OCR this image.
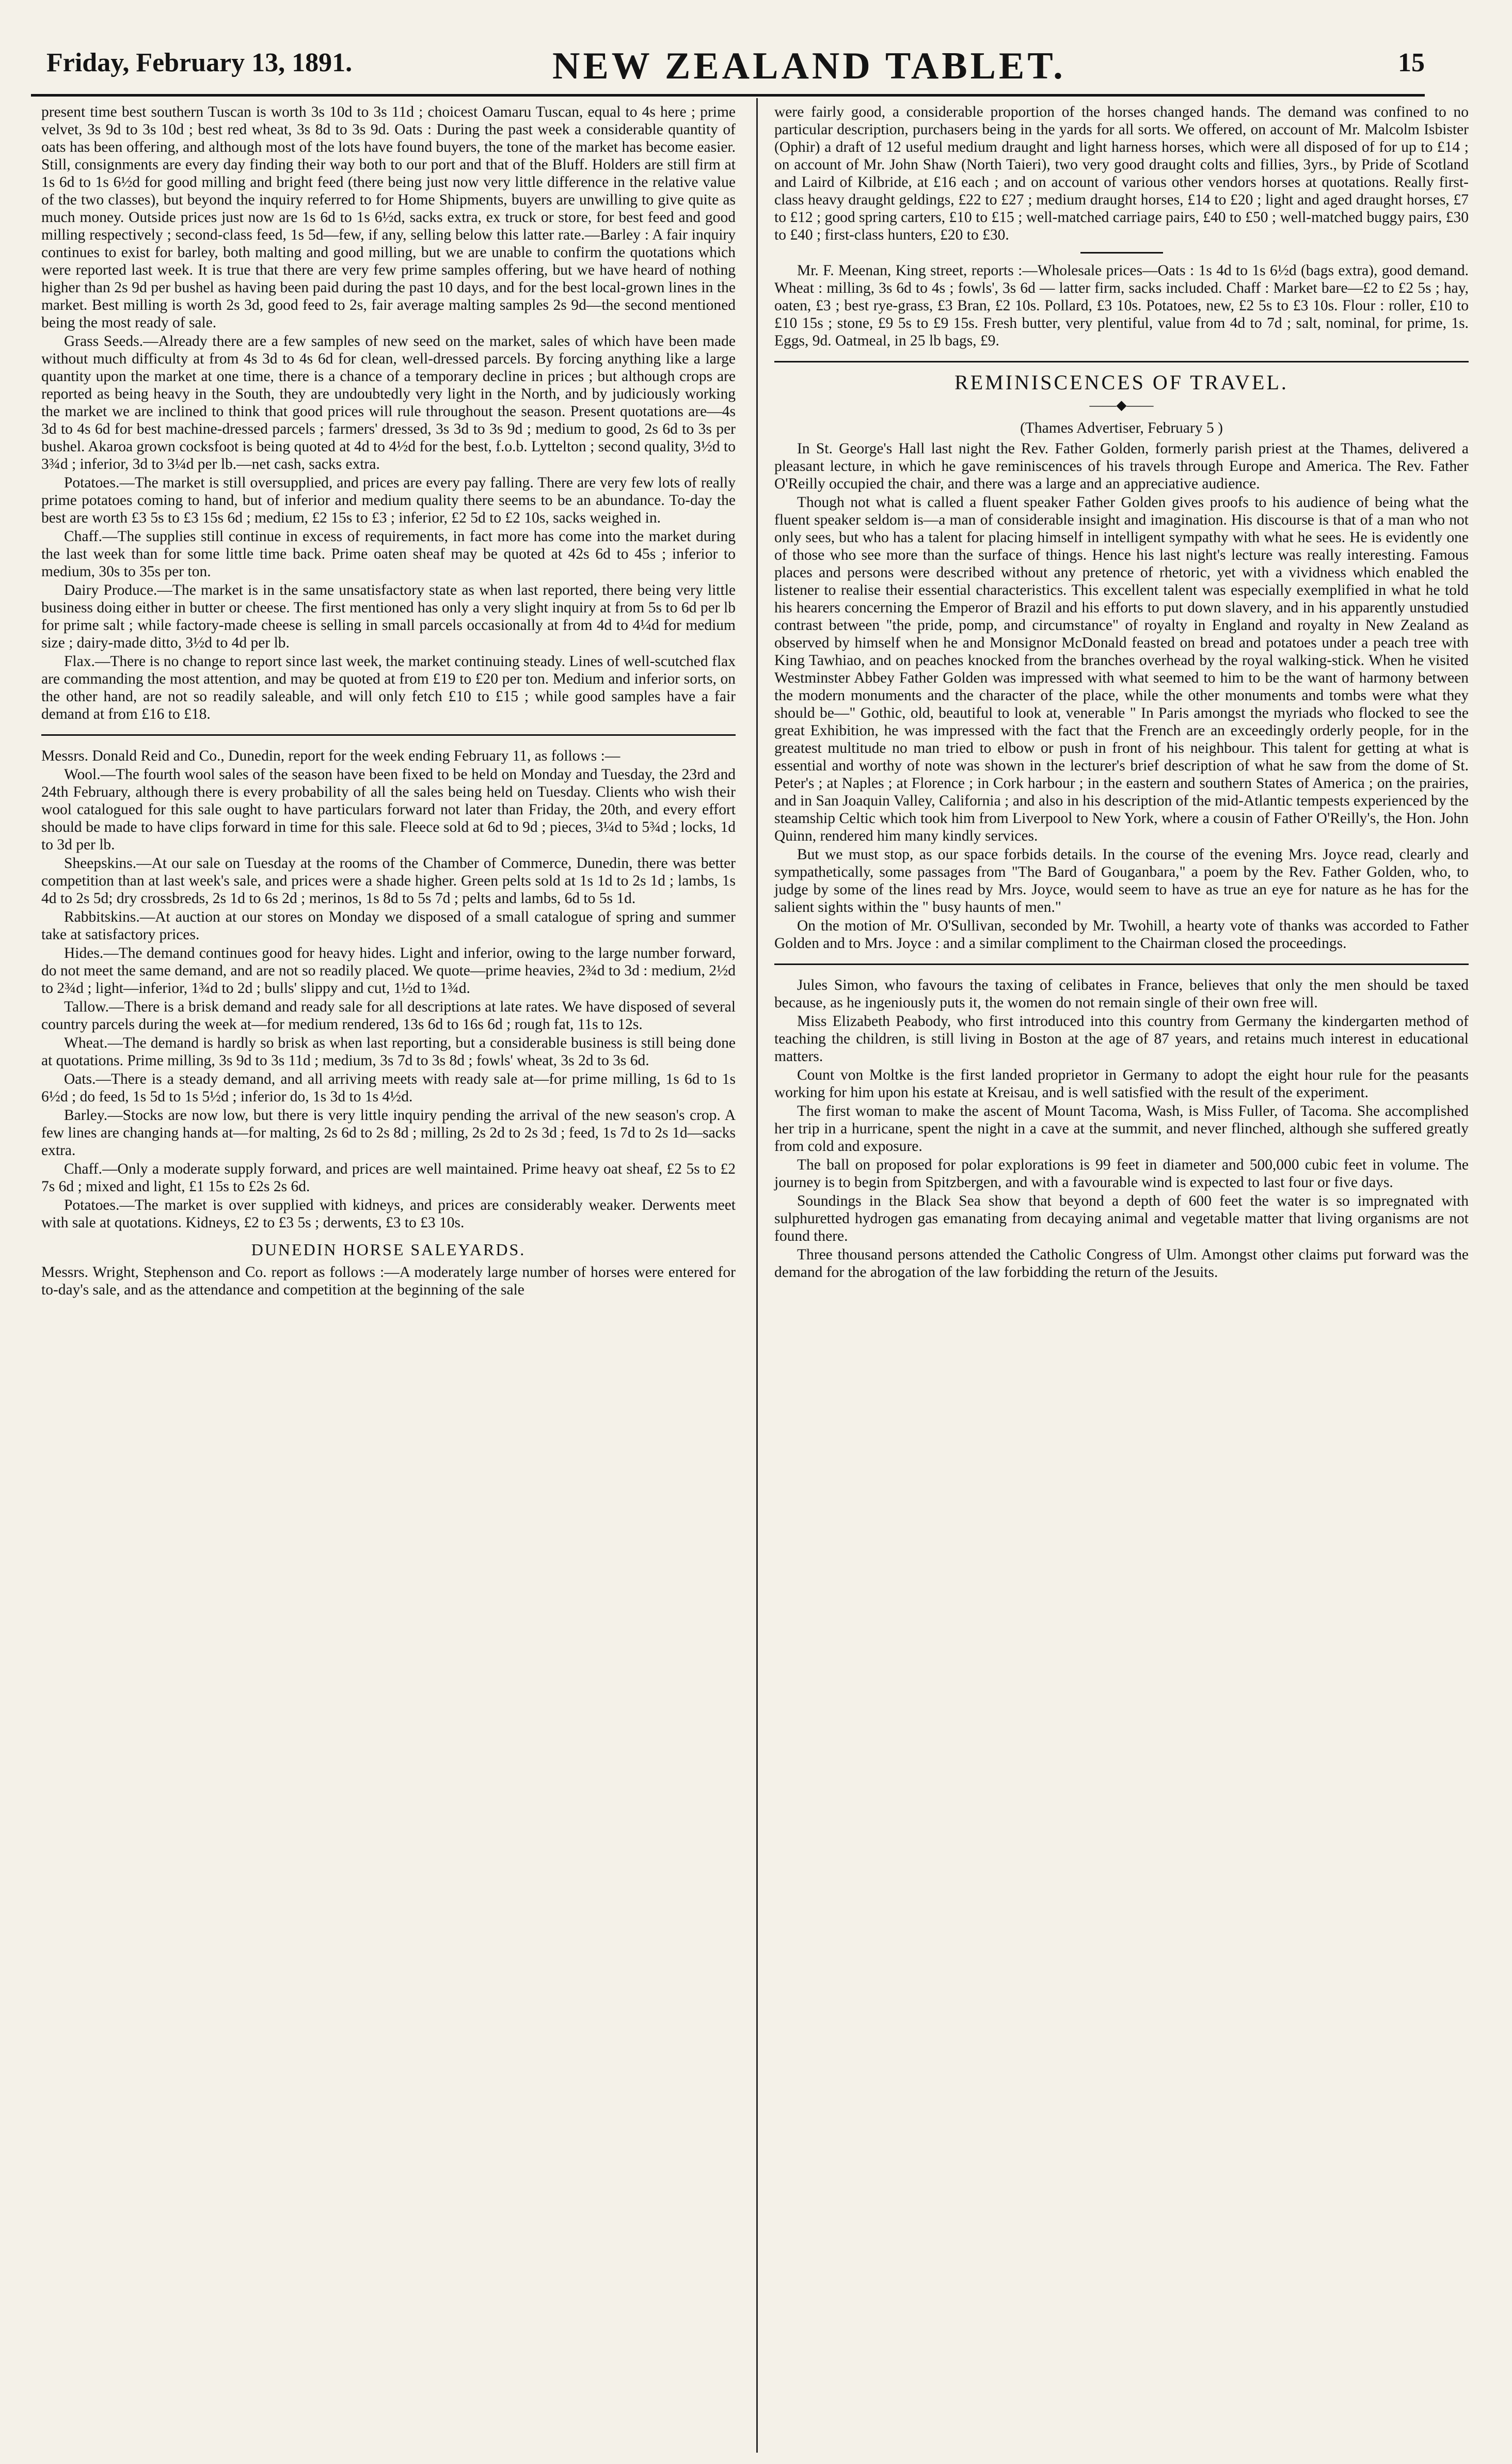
Friday, February 13, 1891.	NEW ZEALAND TABLET.	15

present time best southern Tuscan is worth 3s 10d to 3s 11d ; choicest Oamaru Tuscan, equal to 4s here ; prime velvet, 3s 9d to 3s 10d ; best red wheat, 3s 8d to 3s 9d. Oats : During the past week a considerable quantity of oats has been offering, and although most of the lots have found buyers, the tone of the market has become easier. Still, consignments are every day finding their way both to our port and that of the Bluff. Holders are still firm at 1s 6d to 1s 6½d for good milling and bright feed (there being just now very little difference in the relative value of the two classes), but beyond the inquiry referred to for Home Shipments, buyers are unwilling to give quite as much money. Outside prices just now are 1s 6d to 1s 6½d, sacks extra, ex truck or store, for best feed and good milling respectively ; second-class feed, 1s 5d—few, if any, selling below this latter rate.—Barley : A fair inquiry continues to exist for barley, both malting and good milling, but we are unable to confirm the quotations which were reported last week. It is true that there are very few prime samples offering, but we have heard of nothing higher than 2s 9d per bushel as having been paid during the past 10 days, and for the best local-grown lines in the market. Best milling is worth 2s 3d, good feed to 2s, fair average malting samples 2s 9d—the second mentioned being the most ready of sale.

Grass Seeds.—Already there are a few samples of new seed on the market, sales of which have been made without much difficulty at from 4s 3d to 4s 6d for clean, well-dressed parcels. By forcing anything like a large quantity upon the market at one time, there is a chance of a temporary decline in prices ; but although crops are reported as being heavy in the South, they are undoubtedly very light in the North, and by judiciously working the market we are inclined to think that good prices will rule throughout the season. Present quotations are—4s 3d to 4s 6d for best machine-dressed parcels ; farmers' dressed, 3s 3d to 3s 9d ; medium to good, 2s 6d to 3s per bushel. Akaroa grown cocksfoot is being quoted at 4d to 4½d for the best, f.o.b. Lyttelton ; second quality, 3½d to 3¾d ; inferior, 3d to 3¼d per lb.—net cash, sacks extra.

Potatoes.—The market is still oversupplied, and prices are every pay falling. There are very few lots of really prime potatoes coming to hand, but of inferior and medium quality there seems to be an abundance. To-day the best are worth £3 5s to £3 15s 6d ; medium, £2 15s to £3 ; inferior, £2 5d to £2 10s, sacks weighed in.

Chaff.—The supplies still continue in excess of requirements, in fact more has come into the market during the last week than for some little time back. Prime oaten sheaf may be quoted at 42s 6d to 45s ; inferior to medium, 30s to 35s per ton.

Dairy Produce.—The market is in the same unsatisfactory state as when last reported, there being very little business doing either in butter or cheese. The first mentioned has only a very slight inquiry at from 5s to 6d per lb for prime salt ; while factory-made cheese is selling in small parcels occasionally at from 4d to 4¼d for medium size ; dairy-made ditto, 3½d to 4d per lb.

Flax.—There is no change to report since last week, the market continuing steady. Lines of well-scutched flax are commanding the most attention, and may be quoted at from £19 to £20 per ton. Medium and inferior sorts, on the other hand, are not so readily saleable, and will only fetch £10 to £15 ; while good samples have a fair demand at from £16 to £18.

Messrs. Donald Reid and Co., Dunedin, report for the week ending February 11, as follows :—

Wool.—The fourth wool sales of the season have been fixed to be held on Monday and Tuesday, the 23rd and 24th February, although there is every probability of all the sales being held on Tuesday. Clients who wish their wool catalogued for this sale ought to have particulars forward not later than Friday, the 20th, and every effort should be made to have clips forward in time for this sale. Fleece sold at 6d to 9d ; pieces, 3¼d to 5¾d ; locks, 1d to 3d per lb.

Sheepskins.—At our sale on Tuesday at the rooms of the Chamber of Commerce, Dunedin, there was better competition than at last week's sale, and prices were a shade higher. Green pelts sold at 1s 1d to 2s 1d ; lambs, 1s 4d to 2s 5d; dry crossbreds, 2s 1d to 6s 2d ; merinos, 1s 8d to 5s 7d ; pelts and lambs, 6d to 5s 1d.

Rabbitskins.—At auction at our stores on Monday we disposed of a small catalogue of spring and summer take at satisfactory prices.

Hides.—The demand continues good for heavy hides. Light and inferior, owing to the large number forward, do not meet the same demand, and are not so readily placed. We quote—prime heavies, 2¾d to 3d : medium, 2½d to 2¾d ; light—inferior, 1¾d to 2d ; bulls' slippy and cut, 1½d to 1¾d.

Tallow.—There is a brisk demand and ready sale for all descriptions at late rates. We have disposed of several country parcels during the week at—for medium rendered, 13s 6d to 16s 6d ; rough fat, 11s to 12s.

Wheat.—The demand is hardly so brisk as when last reporting, but a considerable business is still being done at quotations. Prime milling, 3s 9d to 3s 11d ; medium, 3s 7d to 3s 8d ; fowls' wheat, 3s 2d to 3s 6d.

Oats.—There is a steady demand, and all arriving meets with ready sale at—for prime milling, 1s 6d to 1s 6½d ; do feed, 1s 5d to 1s 5½d ; inferior do, 1s 3d to 1s 4½d.

Barley.—Stocks are now low, but there is very little inquiry pending the arrival of the new season's crop. A few lines are changing hands at—for malting, 2s 6d to 2s 8d ; milling, 2s 2d to 2s 3d ; feed, 1s 7d to 2s 1d—sacks extra.

Chaff.—Only a moderate supply forward, and prices are well maintained. Prime heavy oat sheaf, £2 5s to £2 7s 6d ; mixed and light, £1 15s to £2s 2s 6d.

Potatoes.—The market is over supplied with kidneys, and prices are considerably weaker. Derwents meet with sale at quotations. Kidneys, £2 to £3 5s ; derwents, £3 to £3 10s.

DUNEDIN HORSE SALEYARDS.

Messrs. Wright, Stephenson and Co. report as follows :—A moderately large number of horses were entered for to-day's sale, and as the attendance and competition at the beginning of the sale

were fairly good, a considerable proportion of the horses changed hands. The demand was confined to no particular description, purchasers being in the yards for all sorts. We offered, on account of Mr. Malcolm Isbister (Ophir) a draft of 12 useful medium draught and light harness horses, which were all disposed of for up to £14 ; on account of Mr. John Shaw (North Taieri), two very good draught colts and fillies, 3yrs., by Pride of Scotland and Laird of Kilbride, at £16 each ; and on account of various other vendors horses at quotations. Really first-class heavy draught geldings, £22 to £27 ; medium draught horses, £14 to £20 ; light and aged draught horses, £7 to £12 ; good spring carters, £10 to £15 ; well-matched carriage pairs, £40 to £50 ; well-matched buggy pairs, £30 to £40 ; first-class hunters, £20 to £30.

Mr. F. Meenan, King street, reports :—Wholesale prices—Oats : 1s 4d to 1s 6½d (bags extra), good demand. Wheat : milling, 3s 6d to 4s ; fowls', 3s 6d — latter firm, sacks included. Chaff : Market bare—£2 to £2 5s ; hay, oaten, £3 ; best rye-grass, £3 Bran, £2 10s. Pollard, £3 10s. Potatoes, new, £2 5s to £3 10s. Flour : roller, £10 to £10 15s ; stone, £9 5s to £9 15s. Fresh butter, very plentiful, value from 4d to 7d ; salt, nominal, for prime, 1s. Eggs, 9d. Oatmeal, in 25 lb bags, £9.

REMINISCENCES OF TRAVEL.
——◆——
(Thames Advertiser, February 5 )

In St. George's Hall last night the Rev. Father Golden, formerly parish priest at the Thames, delivered a pleasant lecture, in which he gave reminiscences of his travels through Europe and America. The Rev. Father O'Reilly occupied the chair, and there was a large and an appreciative audience.

Though not what is called a fluent speaker Father Golden gives proofs to his audience of being what the fluent speaker seldom is—a man of considerable insight and imagination. His discourse is that of a man who not only sees, but who has a talent for placing himself in intelligent sympathy with what he sees. He is evidently one of those who see more than the surface of things. Hence his last night's lecture was really interesting. Famous places and persons were described without any pretence of rhetoric, yet with a vividness which enabled the listener to realise their essential characteristics. This excellent talent was especially exemplified in what he told his hearers concerning the Emperor of Brazil and his efforts to put down slavery, and in his apparently unstudied contrast between "the pride, pomp, and circumstance" of royalty in England and royalty in New Zealand as observed by himself when he and Monsignor McDonald feasted on bread and potatoes under a peach tree with King Tawhiao, and on peaches knocked from the branches overhead by the royal walking-stick. When he visited Westminster Abbey Father Golden was impressed with what seemed to him to be the want of harmony between the modern monuments and the character of the place, while the other monuments and tombs were what they should be—" Gothic, old, beautiful to look at, venerable " In Paris amongst the myriads who flocked to see the great Exhibition, he was impressed with the fact that the French are an exceedingly orderly people, for in the greatest multitude no man tried to elbow or push in front of his neighbour. This talent for getting at what is essential and worthy of note was shown in the lecturer's brief description of what he saw from the dome of St. Peter's ; at Naples ; at Florence ; in Cork harbour ; in the eastern and southern States of America ; on the prairies, and in San Joaquin Valley, California ; and also in his description of the mid-Atlantic tempests experienced by the steamship Celtic which took him from Liverpool to New York, where a cousin of Father O'Reilly's, the Hon. John Quinn, rendered him many kindly services.

But we must stop, as our space forbids details. In the course of the evening Mrs. Joyce read, clearly and sympathetically, some passages from "The Bard of Gouganbara," a poem by the Rev. Father Golden, who, to judge by some of the lines read by Mrs. Joyce, would seem to have as true an eye for nature as he has for the salient sights within the " busy haunts of men."

On the motion of Mr. O'Sullivan, seconded by Mr. Twohill, a hearty vote of thanks was accorded to Father Golden and to Mrs. Joyce : and a similar compliment to the Chairman closed the proceedings.

Jules Simon, who favours the taxing of celibates in France, believes that only the men should be taxed because, as he ingeniously puts it, the women do not remain single of their own free will.

Miss Elizabeth Peabody, who first introduced into this country from Germany the kindergarten method of teaching the children, is still living in Boston at the age of 87 years, and retains much interest in educational matters.

Count von Moltke is the first landed proprietor in Germany to adopt the eight hour rule for the peasants working for him upon his estate at Kreisau, and is well satisfied with the result of the experiment.

The first woman to make the ascent of Mount Tacoma, Wash, is Miss Fuller, of Tacoma. She accomplished her trip in a hurricane, spent the night in a cave at the summit, and never flinched, although she suffered greatly from cold and exposure.

The ball on proposed for polar explorations is 99 feet in diameter and 500,000 cubic feet in volume. The journey is to begin from Spitzbergen, and with a favourable wind is expected to last four or five days.

Soundings in the Black Sea show that beyond a depth of 600 feet the water is so impregnated with sulphuretted hydrogen gas emanating from decaying animal and vegetable matter that living organisms are not found there.

Three thousand persons attended the Catholic Congress of Ulm. Amongst other claims put forward was the demand for the abrogation of the law forbidding the return of the Jesuits.
